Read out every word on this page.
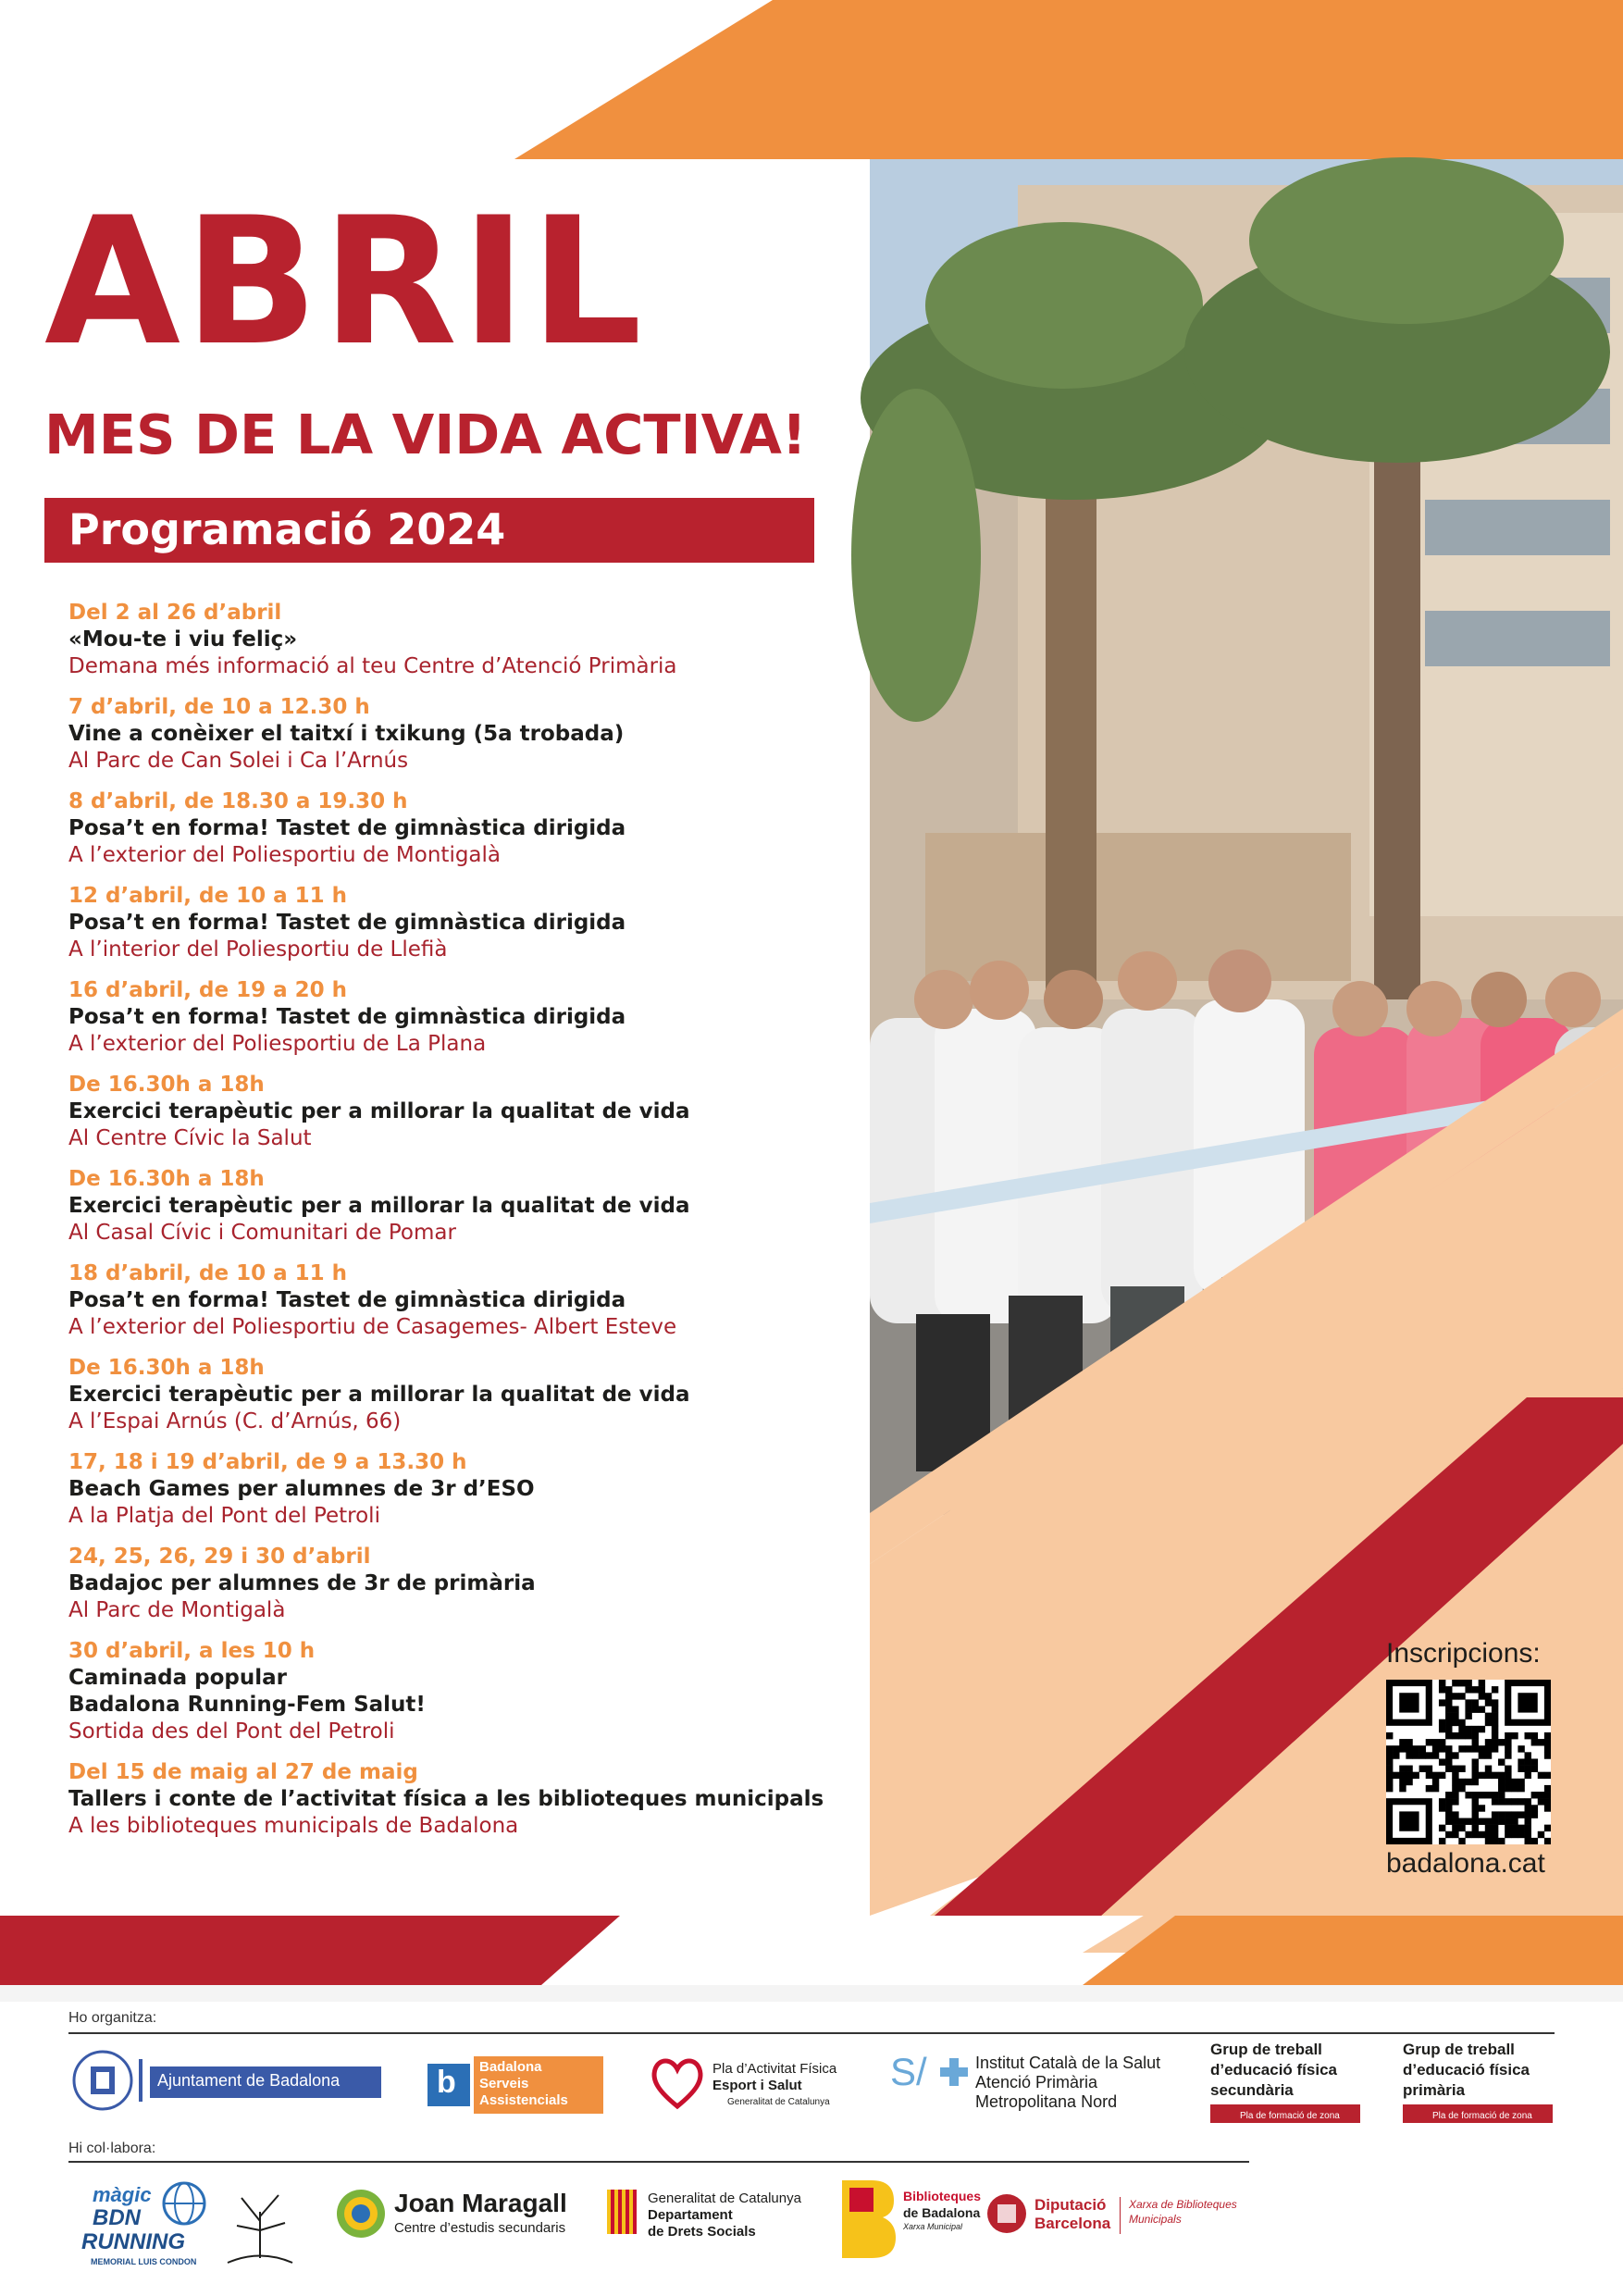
ABRIL
MES DE LA VIDA ACTIVA!
Programació 2024
Del 2 al 26 d’abril
«Mou-te i viu feliç»
Demana més informació al teu Centre d’Atenció Primària
7 d’abril, de 10 a 12.30 h
Vine a conèixer el taitxí i txikung (5a trobada)
Al Parc de Can Solei i Ca l’Arnús
8 d’abril, de 18.30 a 19.30 h
Posa’t en forma! Tastet de gimnàstica dirigida
A l’exterior del Poliesportiu de Montigalà
12 d’abril, de 10 a 11 h
Posa’t en forma! Tastet de gimnàstica dirigida
A l’interior del Poliesportiu de Llefià
16 d’abril, de 19 a 20 h
Posa’t en forma! Tastet de gimnàstica dirigida
A l’exterior del Poliesportiu de La Plana
De 16.30h a 18h
Exercici terapèutic per a millorar la qualitat de vida
Al Centre Cívic la Salut
De 16.30h a 18h
Exercici terapèutic per a millorar la qualitat de vida
Al Casal Cívic i Comunitari de Pomar
18 d’abril, de 10 a 11 h
Posa’t en forma! Tastet de gimnàstica dirigida
A l’exterior del Poliesportiu de Casagemes- Albert Esteve
De 16.30h a 18h
Exercici terapèutic per a millorar la qualitat de vida
A l’Espai Arnús (C. d’Arnús, 66)
17, 18 i 19 d’abril, de 9 a 13.30 h
Beach Games per alumnes de 3r d’ESO
A la Platja del Pont del Petroli
24, 25, 26, 29 i 30 d’abril
Badajoc per alumnes de 3r de primària
Al Parc de Montigalà
30 d’abril, a les 10 h
Caminada popular
Badalona Running-Fem Salut!
Sortida des del Pont del Petroli
Del 15 de maig al 27 de maig
Tallers i conte de l’activitat física a les biblioteques municipals
A les biblioteques municipals de Badalona
Inscripcions:
badalona.cat
Ho organitza:
Ajuntament de Badalona	b Badalona
Serveis
Assistencials
Pla d’Activitat Física
Esport i Salut
Generalitat de Catalunya
S/	Institut Català de la Salut
Atenció Primària
Metropolitana Nord
Grup de treball
d’educació física
secundària
Pla de formació de zona
Grup de treball
d’educació física
primària
Pla de formació de zona
Hi col·labora:
màgic
BDN
RUNNING
MEMORIAL LUIS CONDON
Joan Maragall
Centre d’estudis secundaris
Generalitat de Catalunya
Departament
de Drets Socials
Biblioteques
de Badalona
Xarxa Municipal
Diputació
Barcelona
Xarxa de Biblioteques
Municipals
